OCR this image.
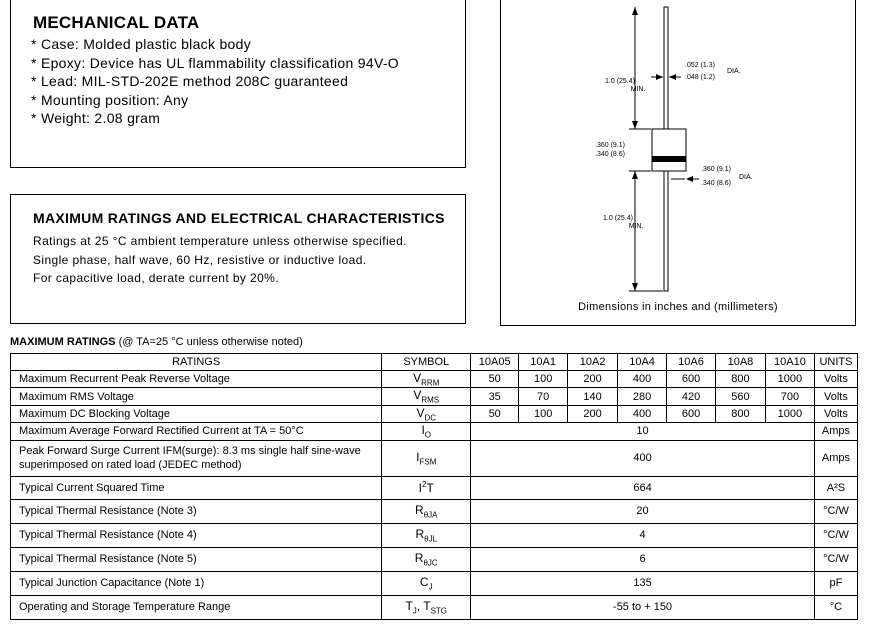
MECHANICAL DATA
* Case: Molded plastic black body
* Epoxy: Device has UL flammability classification 94V-O
* Lead: MIL-STD-202E method 208C guaranteed
* Mounting position: Any
* Weight: 2.08 gram
MAXIMUM RATINGS AND ELECTRICAL CHARACTERISTICS

Ratings at 25 °C ambient temperature unless otherwise specified.

Single phase, half wave, 60 Hz, resistive or inductive load.

For capacitive load, derate current by 20%.

1.0 (25.4)
MIN.
.052 (1.3)
.048 (1.2)
DIA.
.360 (9.1)
.340 (8.6)
.360 (9.1)
.340 (8.6)
DIA.
1.0 (25.4)
MIN.
Dimensions in inches and (millimeters)
MAXIMUM RATINGS (@ TA=25 °C unless otherwise noted)
RATINGS	SYMBOL	10A05	10A1	10A2	10A4	10A6	10A8	10A10	UNITS
Maximum Recurrent Peak Reverse Voltage	$V_{RRM}$	50	100	200	400	600	800	1000	Volts
Maximum RMS Voltage	$V_{RMS}$	35	70	140	280	420	560	700	Volts
Maximum DC Blocking Voltage	$V_{DC}$	50	100	200	400	600	800	1000	Volts
Maximum Average Forward Rectified Current at TA = 50°C	$I_O$	10							Amps
Peak Forward Surge Current IFM(surge): 8.3 ms single half sine-wave
superimposed on rated load (JEDEC method)	$I_{FSM}$	400							Amps
Typical Current Squared Time	$I^2T$	664							A²S
Typical Thermal Resistance (Note 3)	$R_{\theta JA}$	20							°C/W
Typical Thermal Resistance (Note 4)	$R_{\theta JL}$	4							°C/W
Typical Thermal Resistance (Note 5)	$R_{\theta JC}$	6							°C/W
Typical Junction Capacitance (Note 1)	$C_J$	135							pF
Operating and Storage Temperature Range	$T_J$, $T_{STG}$	-55 to + 150							°C
